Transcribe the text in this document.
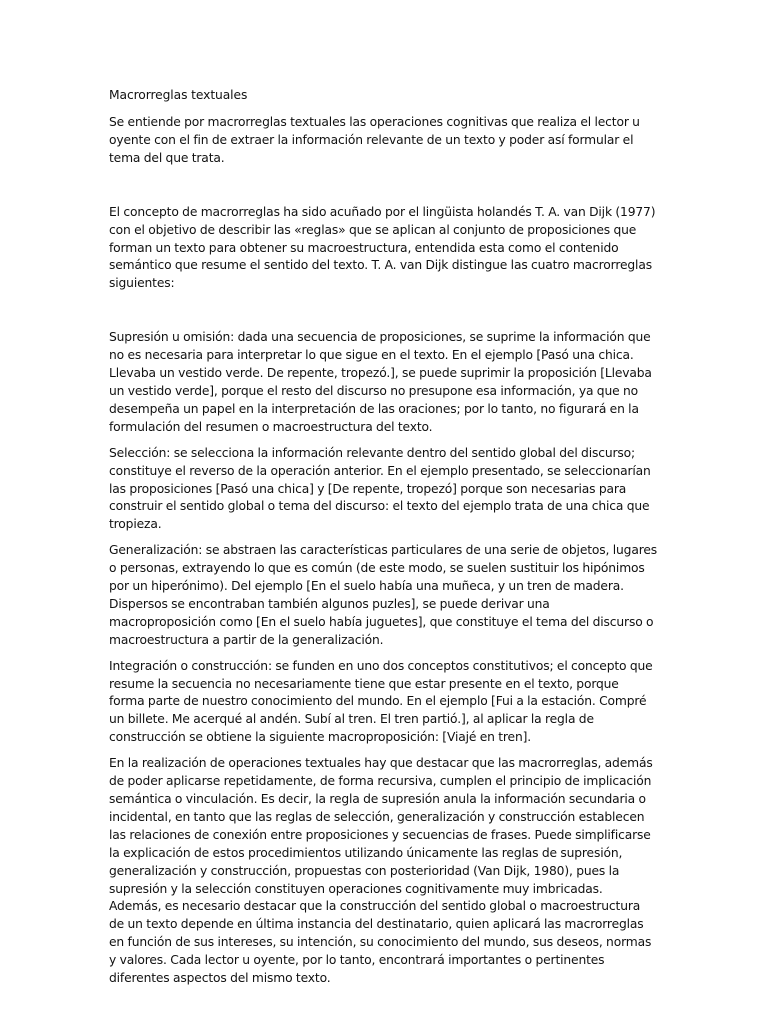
Macrorreglas textuales

Se entiende por macrorreglas textuales las operaciones cognitivas que realiza el lector u oyente con el fin de extraer la información relevante de un texto y poder así formular el tema del que trata.

El concepto de macrorreglas ha sido acuñado por el lingüista holandés T. A. van Dijk (1977) con el objetivo de describir las «reglas» que se aplican al conjunto de proposiciones que forman un texto para obtener su macroestructura, entendida esta como el contenido semántico que resume el sentido del texto. T. A. van Dijk distingue las cuatro macrorreglas siguientes:

Supresión u omisión: dada una secuencia de proposiciones, se suprime la información que no es necesaria para interpretar lo que sigue en el texto. En el ejemplo [Pasó una chica. Llevaba un vestido verde. De repente, tropezó.], se puede suprimir la proposición [Llevaba un vestido verde], porque el resto del discurso no presupone esa información, ya que no desempeña un papel en la interpretación de las oraciones; por lo tanto, no figurará en la formulación del resumen o macroestructura del texto.

Selección: se selecciona la información relevante dentro del sentido global del discurso; constituye el reverso de la operación anterior. En el ejemplo presentado, se seleccionarían las proposiciones [Pasó una chica] y [De repente, tropezó] porque son necesarias para construir el sentido global o tema del discurso: el texto del ejemplo trata de una chica que tropieza.

Generalización: se abstraen las características particulares de una serie de objetos, lugares o personas, extrayendo lo que es común (de este modo, se suelen sustituir los hipónimos por un hiperónimo). Del ejemplo [En el suelo había una muñeca, y un tren de madera. Dispersos se encontraban también algunos puzles], se puede derivar una macroproposición como [En el suelo había juguetes], que constituye el tema del discurso o macroestructura a partir de la generalización.

Integración o construcción: se funden en uno dos conceptos constitutivos; el concepto que resume la secuencia no necesariamente tiene que estar presente en el texto, porque forma parte de nuestro conocimiento del mundo. En el ejemplo [Fui a la estación. Compré un billete. Me acerqué al andén. Subí al tren. El tren partió.], al aplicar la regla de construcción se obtiene la siguiente macroproposición: [Viajé en tren].

En la realización de operaciones textuales hay que destacar que las macrorreglas, además de poder aplicarse repetidamente, de forma recursiva, cumplen el principio de implicación semántica o vinculación. Es decir, la regla de supresión anula la información secundaria o incidental, en tanto que las reglas de selección, generalización y construcción establecen las relaciones de conexión entre proposiciones y secuencias de frases. Puede simplificarse la explicación de estos procedimientos utilizando únicamente las reglas de supresión, generalización y construcción, propuestas con posterioridad (Van Dijk, 1980), pues la supresión y la selección constituyen operaciones cognitivamente muy imbricadas. Además, es necesario destacar que la construcción del sentido global o macroestructura de un texto depende en última instancia del destinatario, quien aplicará las macrorreglas en función de sus intereses, su intención, su conocimiento del mundo, sus deseos, normas y valores. Cada lector u oyente, por lo tanto, encontrará importantes o pertinentes diferentes aspectos del mismo texto.
